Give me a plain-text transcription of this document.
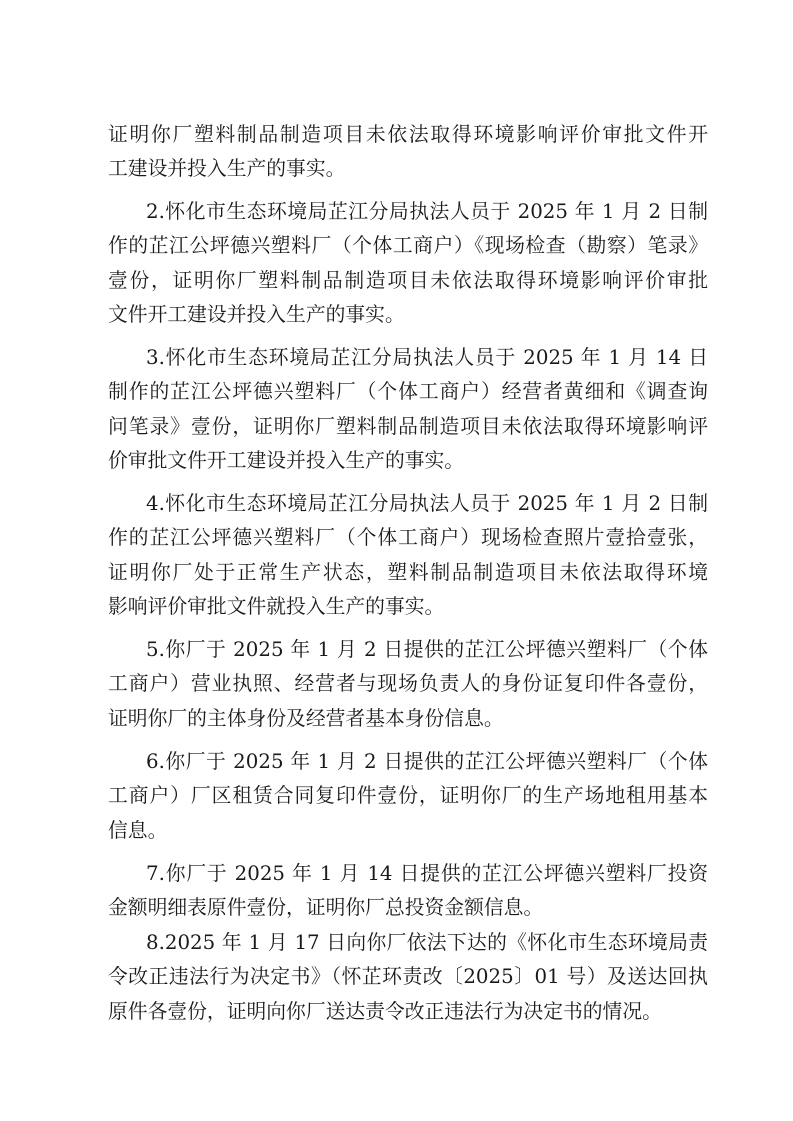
证明你厂塑料制品制造项目未依法取得环境影响评价审批文件开
工建设并投入生产的事实。
2.怀化市生态环境局芷江分局执法人员于 2025 年 1 月 2 日制
作的芷江公坪德兴塑料厂（个体工商户）《现场检查（勘察）笔录》
壹份，证明你厂塑料制品制造项目未依法取得环境影响评价审批
文件开工建设并投入生产的事实。
3.怀化市生态环境局芷江分局执法人员于 2025 年 1 月 14 日
制作的芷江公坪德兴塑料厂（个体工商户）经营者黄细和《调查询
问笔录》壹份，证明你厂塑料制品制造项目未依法取得环境影响评
价审批文件开工建设并投入生产的事实。
4.怀化市生态环境局芷江分局执法人员于 2025 年 1 月 2 日制
作的芷江公坪德兴塑料厂（个体工商户）现场检查照片壹拾壹张，
证明你厂处于正常生产状态，塑料制品制造项目未依法取得环境
影响评价审批文件就投入生产的事实。
5.你厂于 2025 年 1 月 2 日提供的芷江公坪德兴塑料厂（个体
工商户）营业执照、经营者与现场负责人的身份证复印件各壹份，
证明你厂的主体身份及经营者基本身份信息。
6.你厂于 2025 年 1 月 2 日提供的芷江公坪德兴塑料厂（个体
工商户）厂区租赁合同复印件壹份，证明你厂的生产场地租用基本
信息。
7.你厂于 2025 年 1 月 14 日提供的芷江公坪德兴塑料厂投资
金额明细表原件壹份，证明你厂总投资金额信息。
8.2025 年 1 月 17 日向你厂依法下达的《怀化市生态环境局责
令改正违法行为决定书》（怀芷环责改〔2025〕01 号）及送达回执
原件各壹份，证明向你厂送达责令改正违法行为决定书的情况。
